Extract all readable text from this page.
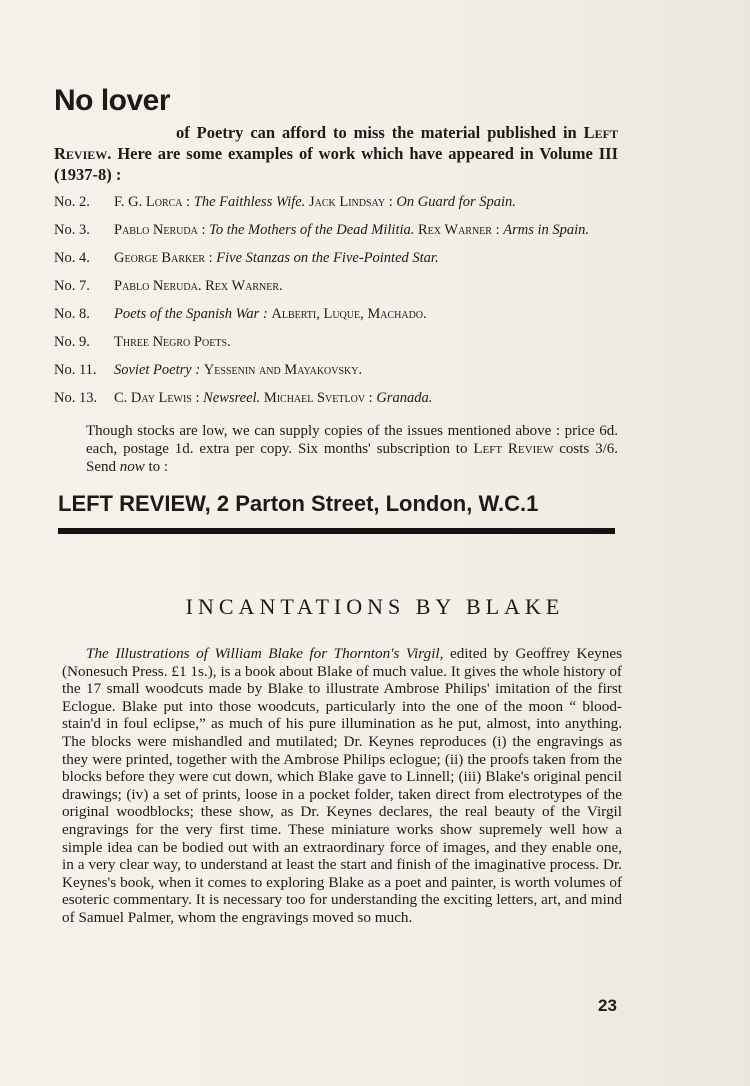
No lover

of Poetry can afford to miss the material published in Left Review. Here are some examples of work which have appeared in Volume III (1937-8) :

No. 2.	F. G. Lorca : The Faithless Wife. Jack Lindsay : On Guard for Spain.
No. 3.	Pablo Neruda : To the Mothers of the Dead Militia. Rex Warner : Arms in Spain.
No. 4.	George Barker : Five Stanzas on the Five-Pointed Star.
No. 7.	Pablo Neruda. Rex Warner.
No. 8.	Poets of the Spanish War : Alberti, Luque, Machado.
No. 9.	Three Negro Poets.
No. 11.	Soviet Poetry : Yessenin and Mayakovsky.
No. 13.	C. Day Lewis : Newsreel. Michael Svetlov : Granada.

Though stocks are low, we can supply copies of the issues mentioned above : price 6d. each, postage 1d. extra per copy. Six months' subscription to Left Review costs 3/6. Send now to :

LEFT REVIEW, 2 Parton Street, London, W.C.1
INCANTATIONS BY BLAKE

The Illustrations of William Blake for Thornton's Virgil, edited by Geoffrey Keynes (Nonesuch Press. £1 1s.), is a book about Blake of much value. It gives the whole history of the 17 small woodcuts made by Blake to illustrate Ambrose Philips' imitation of the first Eclogue. Blake put into those woodcuts, particularly into the one of the moon “ blood-stain'd in foul eclipse,” as much of his pure illumination as he put, almost, into anything. The blocks were mishandled and mutilated; Dr. Keynes reproduces (i) the engravings as they were printed, together with the Ambrose Philips eclogue; (ii) the proofs taken from the blocks before they were cut down, which Blake gave to Linnell; (iii) Blake's original pencil drawings; (iv) a set of prints, loose in a pocket folder, taken direct from electrotypes of the original woodblocks; these show, as Dr. Keynes declares, the real beauty of the Virgil engravings for the very first time. These miniature works show supremely well how a simple idea can be bodied out with an extraordinary force of images, and they enable one, in a very clear way, to understand at least the start and finish of the imaginative process. Dr. Keynes's book, when it comes to exploring Blake as a poet and painter, is worth volumes of esoteric commentary. It is necessary too for understanding the exciting letters, art, and mind of Samuel Palmer, whom the engravings moved so much.

23
